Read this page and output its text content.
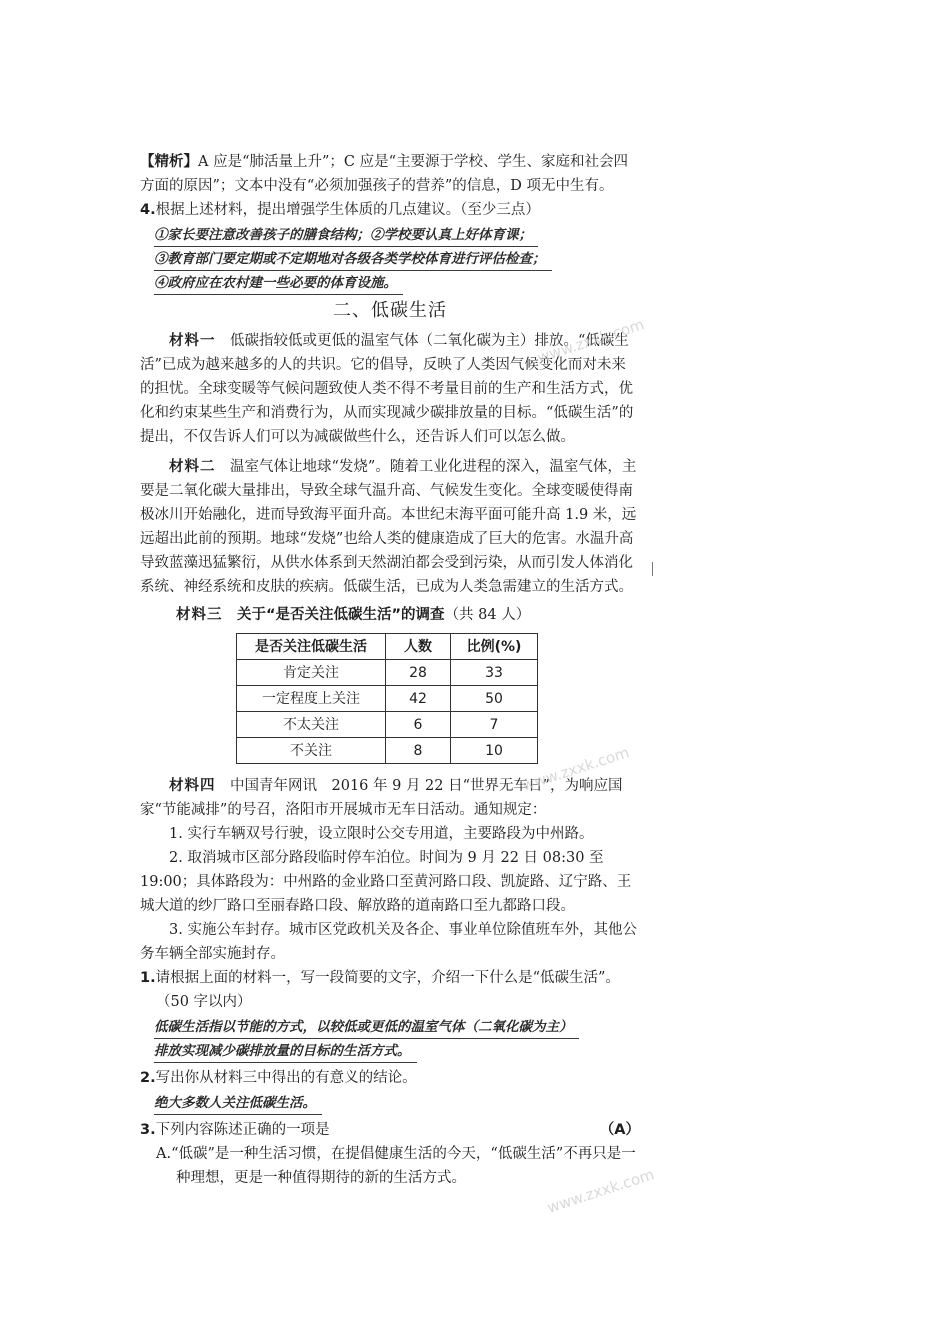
【精析】A 应是“肺活量上升”；C 应是“主要源于学校、学生、家庭和社会四方面的原因”；文本中没有“必须加强孩子的营养”的信息，D 项无中生有。

4.根据上述材料，提出增强学生体质的几点建议。（至少三点）

①家长要注意改善孩子的膳食结构；②学校要认真上好体育课；
③教育部门要定期或不定期地对各级各类学校体育进行评估检查；
④政府应在农村建一些必要的体育设施。
二、低碳生活

材料一　 低碳指较低或更低的温室气体（二氧化碳为主）排放。“低碳生活”已成为越来越多的人的共识。它的倡导，反映了人类因气候变化而对未来的担忧。全球变暖等气候问题致使人类不得不考量目前的生产和生活方式，优化和约束某些生产和消费行为，从而实现减少碳排放量的目标。“低碳生活”的提出，不仅告诉人们可以为减碳做些什么，还告诉人们可以怎么做。

材料二　 温室气体让地球“发烧”。随着工业化进程的深入，温室气体，主要是二氧化碳大量排出，导致全球气温升高、气候发生变化。全球变暖使得南极冰川开始融化，进而导致海平面升高。本世纪末海平面可能升高 1.9 米，远远超出此前的预期。地球“发烧”也给人类的健康造成了巨大的危害。水温升高导致蓝藻迅猛繁衍，从供水体系到天然湖泊都会受到污染，从而引发人体消化系统、神经系统和皮肤的疾病。低碳生活，已成为人类急需建立的生活方式。

材料三　 关于“是否关注低碳生活”的调查（共 84 人）

是否关注低碳生活	人数	比例(%)
肯定关注	28	33
一定程度上关注	42	50
不太关注	6	7
不关注	8	10

材料四　 中国青年网讯　2016 年 9 月 22 日“世界无车日”，为响应国家“节能减排”的号召，洛阳市开展城市无车日活动。通知规定：

1. 实行车辆双号行驶，设立限时公交专用道，主要路段为中州路。

2. 取消城市区部分路段临时停车泊位。时间为 9 月 22 日 08:30 至 19:00；具体路段为：中州路的金业路口至黄河路口段、凯旋路、辽宁路、王城大道的纱厂路口至丽春路口段、解放路的道南路口至九都路口段。

3. 实施公车封存。城市区党政机关及各企、事业单位除值班车外，其他公务车辆全部实施封存。

1.请根据上面的材料一，写一段简要的文字，介绍一下什么是“低碳生活”。（50 字以内）

低碳生活指以节能的方式，以较低或更低的温室气体（二氧化碳为主）
排放实现减少碳排放量的目标的生活方式。

2.写出你从材料三中得出的有意义的结论。

绝大多数人关注低碳生活。

3.下列内容陈述正确的一项是	（A）

A.“低碳”是一种生活习惯，在提倡健康生活的今天，“低碳生活”不再只是一种理想，更是一种值得期待的新的生活方式。

www.zxxk.com
www.zxxk.com
www.zxxk.com
